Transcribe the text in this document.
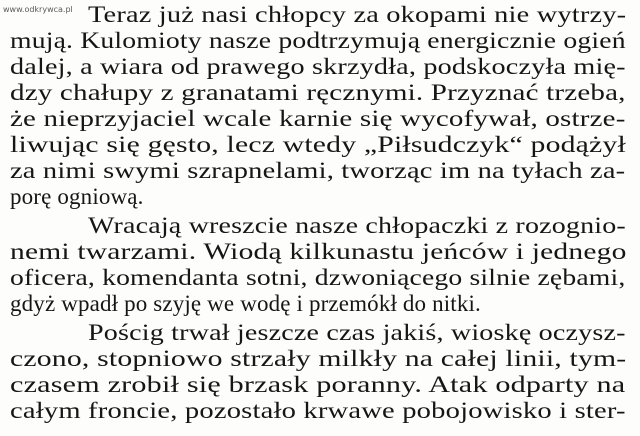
www.odkrywca.pl Teraz już nasi chłopcy za okopami nie wytrzy-
mują. Kulomioty nasze podtrzymują energicznie ogień
dalej, a wiara od prawego skrzydła, podskoczyła mię-
dzy chałupy z granatami ręcznymi. Przyznać trzeba,
że nieprzyjaciel wcale karnie się wycofywał, ostrze-
liwując się gęsto, lecz wtedy „Piłsudczyk“ podążył
za nimi swymi szrapnelami, tworząc im na tyłach za-
porę ogniową.
Wracają wreszcie nasze chłopaczki z rozognio-
nemi twarzami. Wiodą kilkunastu jeńców i jednego
oficera, komendanta sotni, dzwoniącego silnie zębami,
gdyż wpadł po szyję we wodę i przemókł do nitki.
Pościg trwał jeszcze czas jakiś, wioskę oczysz-
czono, stopniowo strzały milkły na całej linii, tym-
czasem zrobił się brzask poranny. Atak odparty na
całym froncie, pozostało krwawe pobojowisko i ster-
